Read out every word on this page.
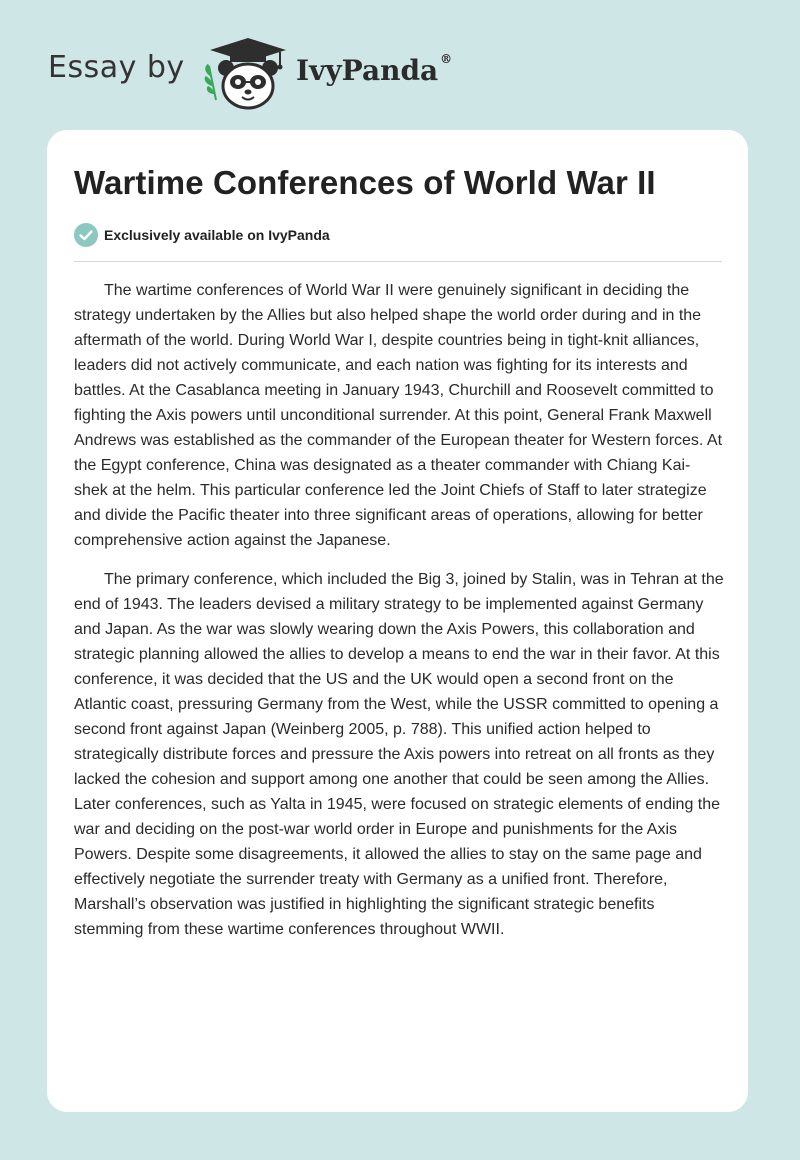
Essay by	IvyPanda ®
Wartime Conferences of World War II
Exclusively available on IvyPanda

The wartime conferences of World War II were genuinely significant in deciding the strategy undertaken by the Allies but also helped shape the world order during and in the aftermath of the world. During World War I, despite countries being in tight-knit alliances, leaders did not actively communicate, and each nation was fighting for its interests and battles. At the Casablanca meeting in January 1943, Churchill and Roosevelt committed to fighting the Axis powers until unconditional surrender. At this point, General Frank Maxwell Andrews was established as the commander of the European theater for Western forces. At the Egypt conference, China was designated as a theater commander with Chiang Kai-shek at the helm. This particular conference led the Joint Chiefs of Staff to later strategize and divide the Pacific theater into three significant areas of operations, allowing for better comprehensive action against the Japanese.

The primary conference, which included the Big 3, joined by Stalin, was in Tehran at the end of 1943. The leaders devised a military strategy to be implemented against Germany and Japan. As the war was slowly wearing down the Axis Powers, this collaboration and strategic planning allowed the allies to develop a means to end the war in their favor. At this conference, it was decided that the US and the UK would open a second front on the Atlantic coast, pressuring Germany from the West, while the USSR committed to opening a second front against Japan (Weinberg 2005, p. 788). This unified action helped to strategically distribute forces and pressure the Axis powers into retreat on all fronts as they lacked the cohesion and support among one another that could be seen among the Allies. Later conferences, such as Yalta in 1945, were focused on strategic elements of ending the war and deciding on the post-war world order in Europe and punishments for the Axis Powers. Despite some disagreements, it allowed the allies to stay on the same page and effectively negotiate the surrender treaty with Germany as a unified front. Therefore, Marshall’s observation was justified in highlighting the significant strategic benefits stemming from these wartime conferences throughout WWII.
